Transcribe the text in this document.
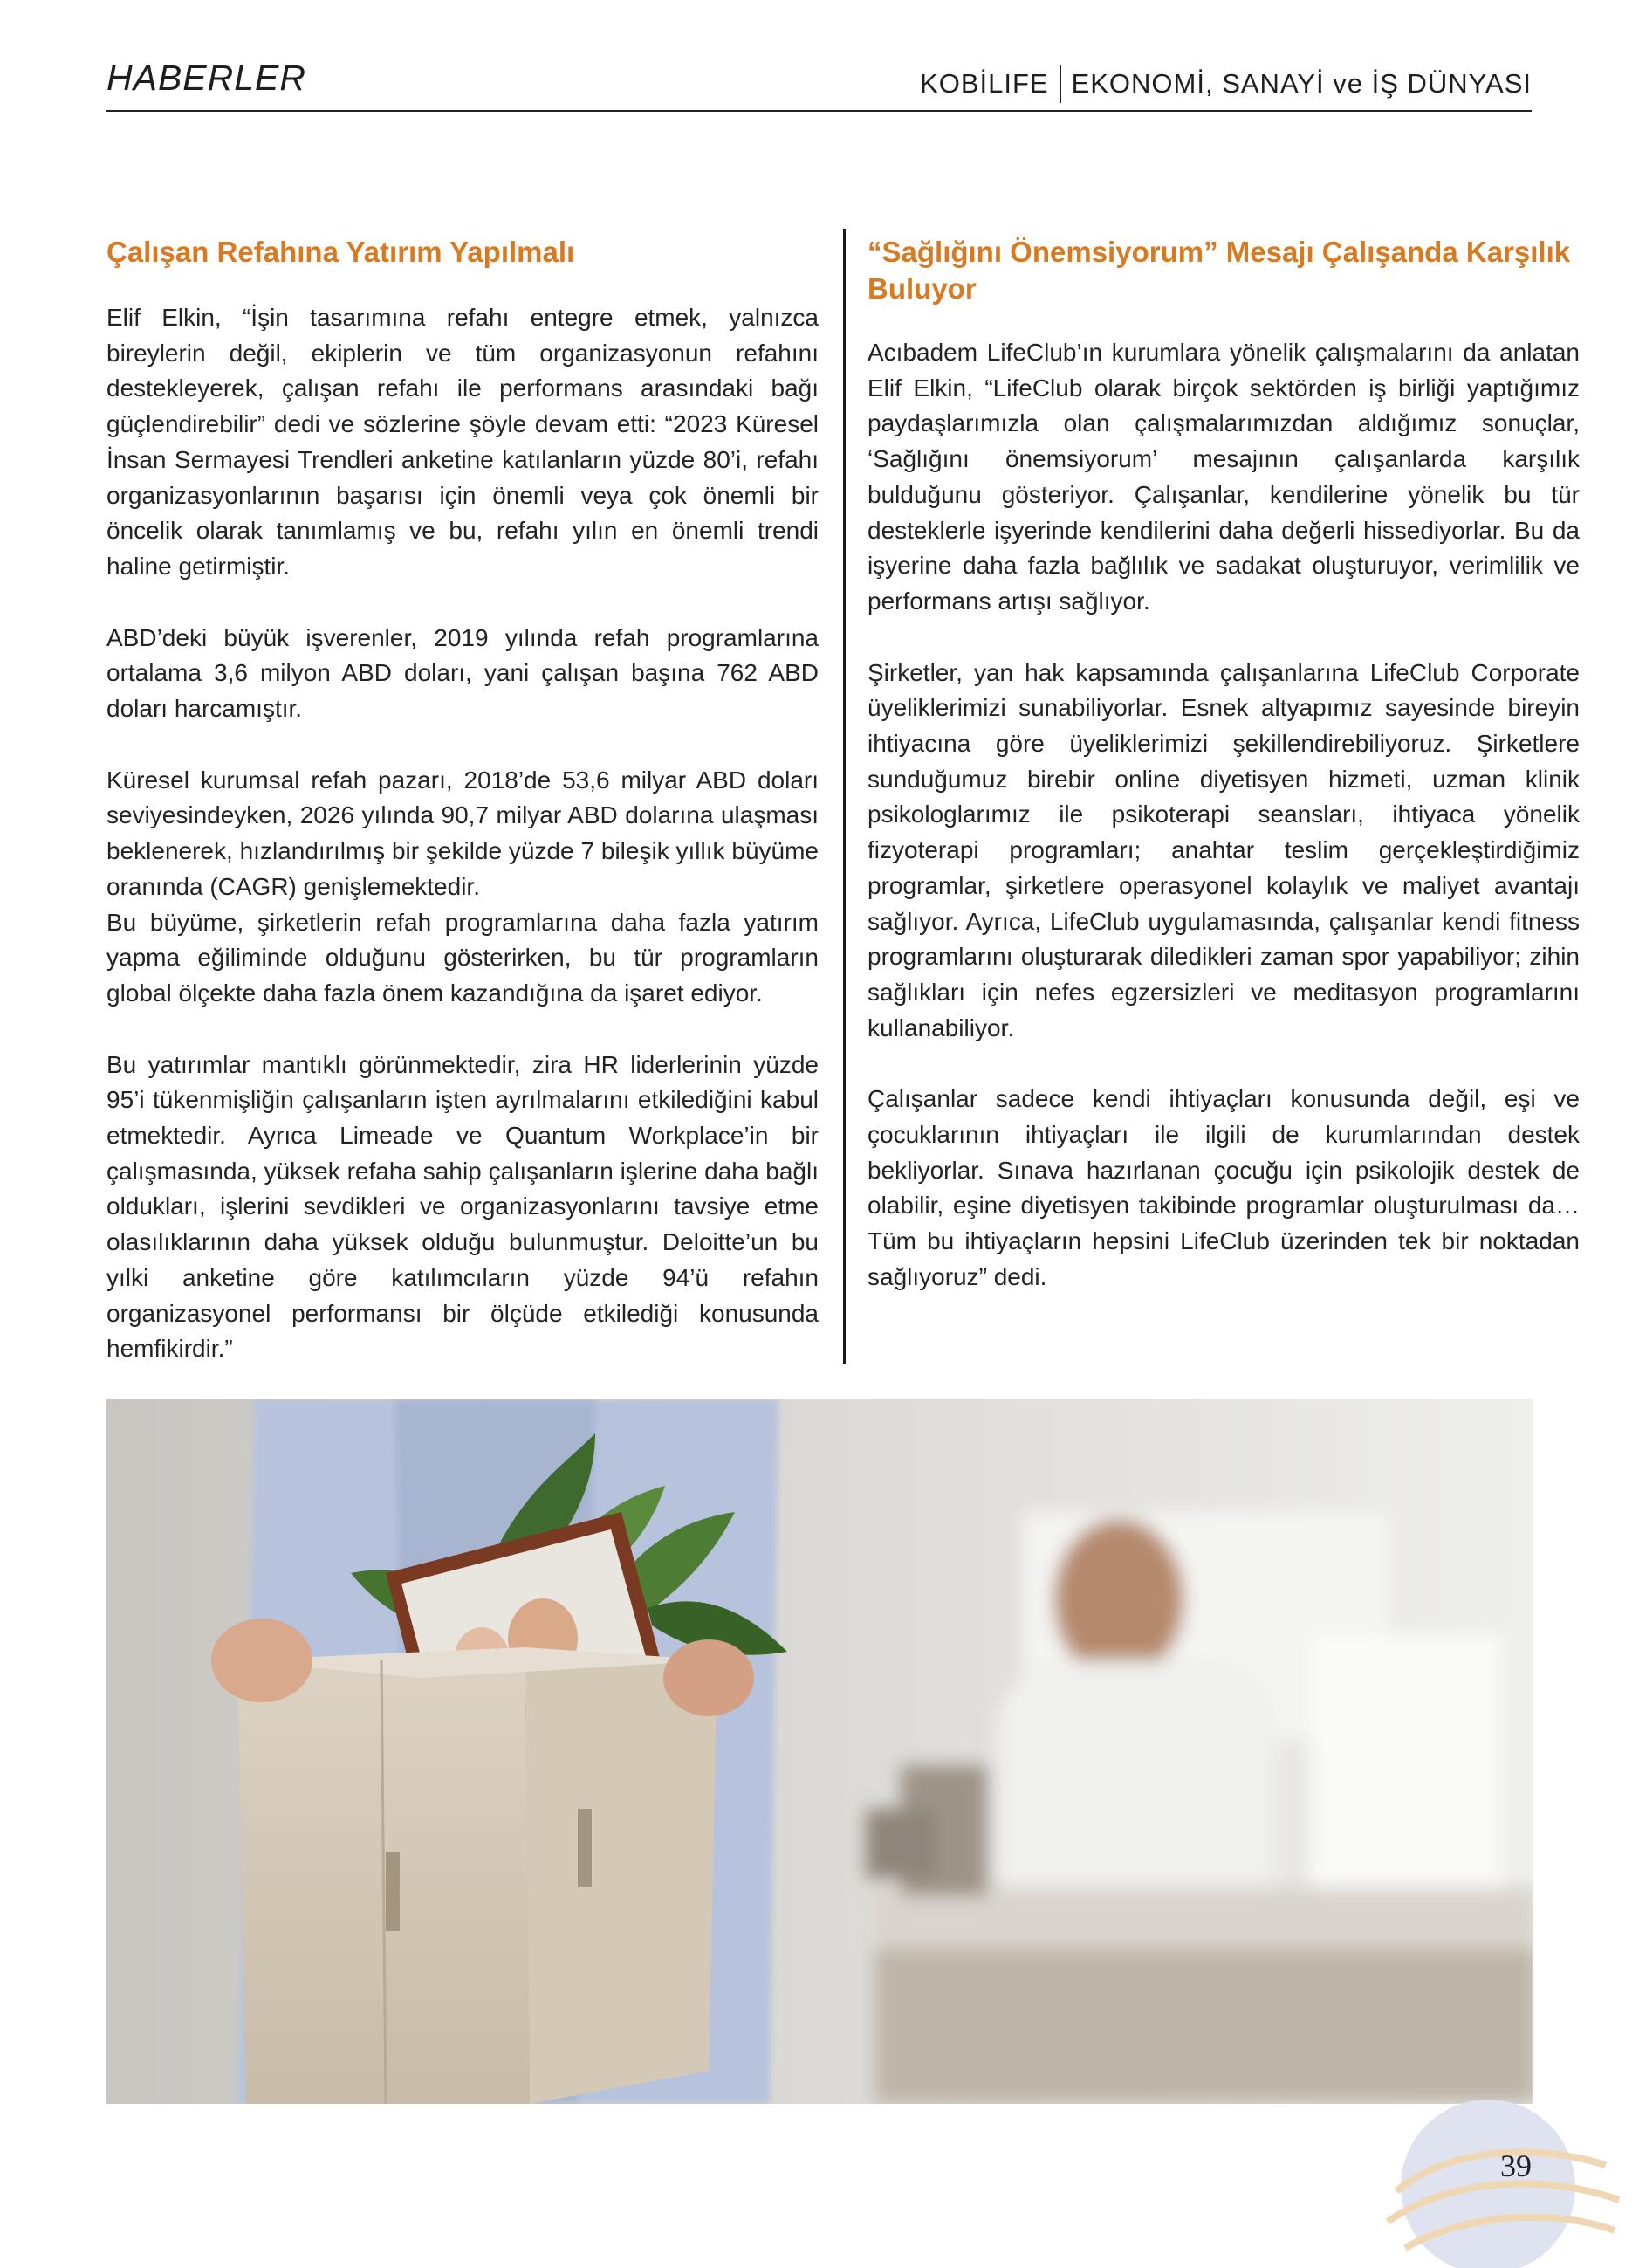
HABERLER	KOBİLIFE EKONOMİ, SANAYİ ve İŞ DÜNYASI
Çalışan Refahına Yatırım Yapılmalı

Elif Elkin, “İşin tasarımına refahı entegre etmek, yalnızca bireylerin değil, ekiplerin ve tüm organizasyonun refahını destekleyerek, çalışan refahı ile performans arasındaki bağı güçlendirebilir” dedi ve sözlerine şöyle devam etti: “2023 Küresel İnsan Sermayesi Trendleri anketine katılanların yüzde 80’i, refahı organizasyonlarının başarısı için önemli veya çok önemli bir öncelik olarak tanımlamış ve bu, refahı yılın en önemli trendi haline getirmiştir.

ABD’deki büyük işverenler, 2019 yılında refah programlarına ortalama 3,6 milyon ABD doları, yani çalışan başına 762 ABD doları harcamıştır.

Küresel kurumsal refah pazarı, 2018’de 53,6 milyar ABD doları seviyesindeyken, 2026 yılında 90,7 milyar ABD dolarına ulaşması beklenerek, hızlandırılmış bir şekilde yüzde 7 bileşik yıllık büyüme oranında (CAGR) genişlemektedir.

Bu büyüme, şirketlerin refah programlarına daha fazla yatırım yapma eğiliminde olduğunu gösterirken, bu tür programların global ölçekte daha fazla önem kazandığına da işaret ediyor.

Bu yatırımlar mantıklı görünmektedir, zira HR liderlerinin yüzde 95’i tükenmişliğin çalışanların işten ayrılmalarını etkilediğini kabul etmektedir. Ayrıca Limeade ve Quantum Workplace’in bir çalışmasında, yüksek refaha sahip çalışanların işlerine daha bağlı oldukları, işlerini sevdikleri ve organizasyonlarını tavsiye etme olasılıklarının daha yüksek olduğu bulunmuştur. Deloitte’un bu yılki anketine göre katılımcıların yüzde 94’ü refahın organizasyonel performansı bir ölçüde etkilediği konusunda hemfikirdir.”

“Sağlığını Önemsiyorum” Mesajı Çalışanda Karşılık Buluyor

Acıbadem LifeClub’ın kurumlara yönelik çalışmalarını da anlatan Elif Elkin, “LifeClub olarak birçok sektörden iş birliği yaptığımız paydaşlarımızla olan çalışmalarımızdan aldığımız sonuçlar, ‘Sağlığını önemsiyorum’ mesajının çalışanlarda karşılık bulduğunu gösteriyor. Çalışanlar, kendilerine yönelik bu tür desteklerle işyerinde kendilerini daha değerli hissediyorlar. Bu da işyerine daha fazla bağlılık ve sadakat oluşturuyor, verimlilik ve performans artışı sağlıyor.

Şirketler, yan hak kapsamında çalışanlarına LifeClub Corporate üyeliklerimizi sunabiliyorlar. Esnek altyapımız sayesinde bireyin ihtiyacına göre üyeliklerimizi şekillendirebiliyoruz. Şirketlere sunduğumuz birebir online diyetisyen hizmeti, uzman klinik psikologlarımız ile psikoterapi seansları, ihtiyaca yönelik fizyoterapi programları; anahtar teslim gerçekleştirdiğimiz programlar, şirketlere operasyonel kolaylık ve maliyet avantajı sağlıyor. Ayrıca, LifeClub uygulamasında, çalışanlar kendi fitness programlarını oluşturarak diledikleri zaman spor yapabiliyor; zihin sağlıkları için nefes egzersizleri ve meditasyon programlarını kullanabiliyor.

Çalışanlar sadece kendi ihtiyaçları konusunda değil, eşi ve çocuklarının ihtiyaçları ile ilgili de kurumlarından destek bekliyorlar. Sınava hazırlanan çocuğu için psikolojik destek de olabilir, eşine diyetisyen takibinde programlar oluşturulması da… Tüm bu ihtiyaçların hepsini LifeClub üzerinden tek bir noktadan sağlıyoruz” dedi.

39
